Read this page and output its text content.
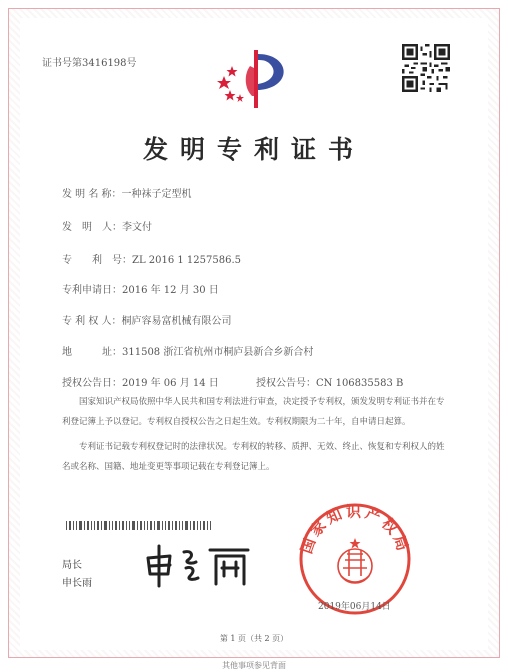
证书号第3416198号
发明专利证书
发 明 名 称：一种袜子定型机
发　明　人：李文付
专　　利　号：ZL 2016 1 1257586.5
专利申请日：2016 年 12 月 30 日
专 利 权 人：桐庐容易富机械有限公司
地　　　址：311508 浙江省杭州市桐庐县新合乡新合村
授权公告日：2019 年 06 月 14 日	授权公告号：CN 106835583 B
国家知识产权局依照中华人民共和国专利法进行审查，决定授予专利权，颁发发明专利证书并在专利登记簿上予以登记。专利权自授权公告之日起生效。专利权期限为二十年，自申请日起算。
专利证书记载专利权登记时的法律状况。专利权的转移、质押、无效、终止、恢复和专利权人的姓名或名称、国籍、地址变更等事项记载在专利登记簿上。
局长
申长雨
国家知识产权局
2019年06月14日
第 1 页（共 2 页）
其他事项参见背面
